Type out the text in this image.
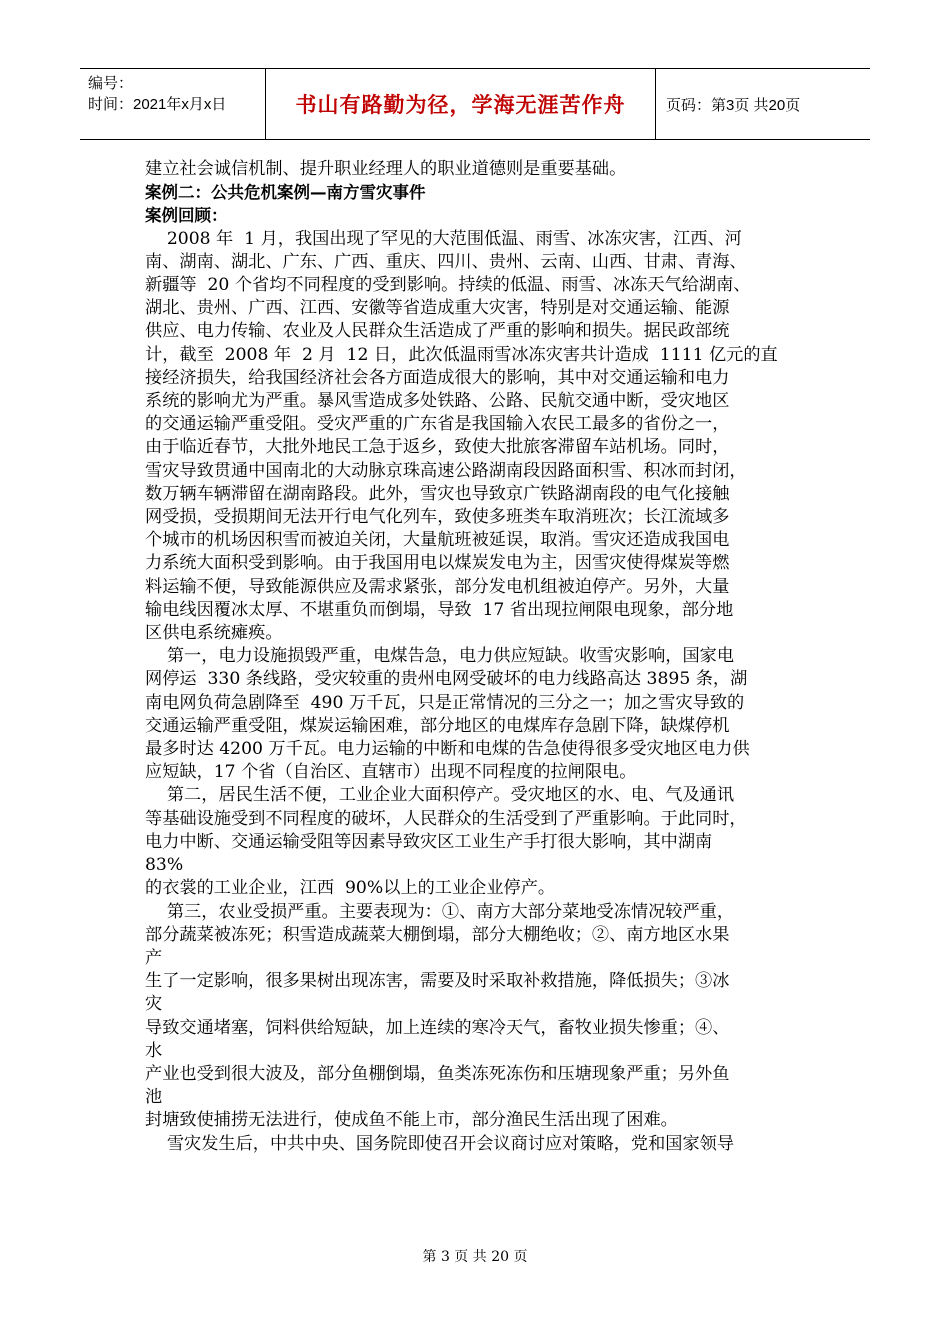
编号：
时间：2021年x月x日	书山有路勤为径，学海无涯苦作舟	页码：第3页 共20页

建立社会诚信机制、提升职业经理人的职业道德则是重要基础。

案例二：公共危机案例—南方雪灾事件

案例回顾：

2008 年  1 月，我国出现了罕见的大范围低温、雨雪、冰冻灾害，江西、河

南、湖南、湖北、广东、广西、重庆、四川、贵州、云南、山西、甘肃、青海、

新疆等  20 个省均不同程度的受到影响。持续的低温、雨雪、冰冻天气给湖南、

湖北、贵州、广西、江西、安徽等省造成重大灾害，特别是对交通运输、能源

供应、电力传输、农业及人民群众生活造成了严重的影响和损失。据民政部统

计，截至  2008 年  2 月  12 日，此次低温雨雪冰冻灾害共计造成  1111 亿元的直

接经济损失，给我国经济社会各方面造成很大的影响，其中对交通运输和电力

系统的影响尤为严重。暴风雪造成多处铁路、公路、民航交通中断，受灾地区

的交通运输严重受阻。受灾严重的广东省是我国输入农民工最多的省份之一，

由于临近春节，大批外地民工急于返乡，致使大批旅客滞留车站机场。同时，

雪灾导致贯通中国南北的大动脉京珠高速公路湖南段因路面积雪、积冰而封闭，

数万辆车辆滞留在湖南路段。此外，雪灾也导致京广铁路湖南段的电气化接触

网受损，受损期间无法开行电气化列车，致使多班类车取消班次；长江流域多

个城市的机场因积雪而被迫关闭，大量航班被延误，取消。雪灾还造成我国电

力系统大面积受到影响。由于我国用电以煤炭发电为主，因雪灾使得煤炭等燃

料运输不便，导致能源供应及需求紧张，部分发电机组被迫停产。另外，大量

输电线因覆冰太厚、不堪重负而倒塌，导致  17 省出现拉闸限电现象，部分地

区供电系统瘫痪。

第一，电力设施损毁严重，电煤告急，电力供应短缺。收雪灾影响，国家电

网停运  330 条线路，受灾较重的贵州电网受破坏的电力线路高达 3895 条，湖

南电网负荷急剧降至  490 万千瓦，只是正常情况的三分之一；加之雪灾导致的

交通运输严重受阻，煤炭运输困难，部分地区的电煤库存急剧下降，缺煤停机

最多时达 4200 万千瓦。电力运输的中断和电煤的告急使得很多受灾地区电力供

应短缺，17 个省（自治区、直辖市）出现不同程度的拉闸限电。

第二，居民生活不便，工业企业大面积停产。受灾地区的水、电、气及通讯

等基础设施受到不同程度的破坏，人民群众的生活受到了严重影响。于此同时，

电力中断、交通运输受阻等因素导致灾区工业生产手打很大影响，其中湖南

83%

的衣裳的工业企业，江西  90%以上的工业企业停产。

第三，农业受损严重。主要表现为：①、南方大部分菜地受冻情况较严重，

部分蔬菜被冻死；积雪造成蔬菜大棚倒塌，部分大棚绝收；②、南方地区水果

产

生了一定影响，很多果树出现冻害，需要及时采取补救措施，降低损失；③冰

灾

导致交通堵塞，饲料供给短缺，加上连续的寒冷天气，畜牧业损失惨重；④、

水

产业也受到很大波及，部分鱼棚倒塌，鱼类冻死冻伤和压塘现象严重；另外鱼

池

封塘致使捕捞无法进行，使成鱼不能上市，部分渔民生活出现了困难。

雪灾发生后，中共中央、国务院即使召开会议商讨应对策略，党和国家领导

第 3 页 共 20 页
